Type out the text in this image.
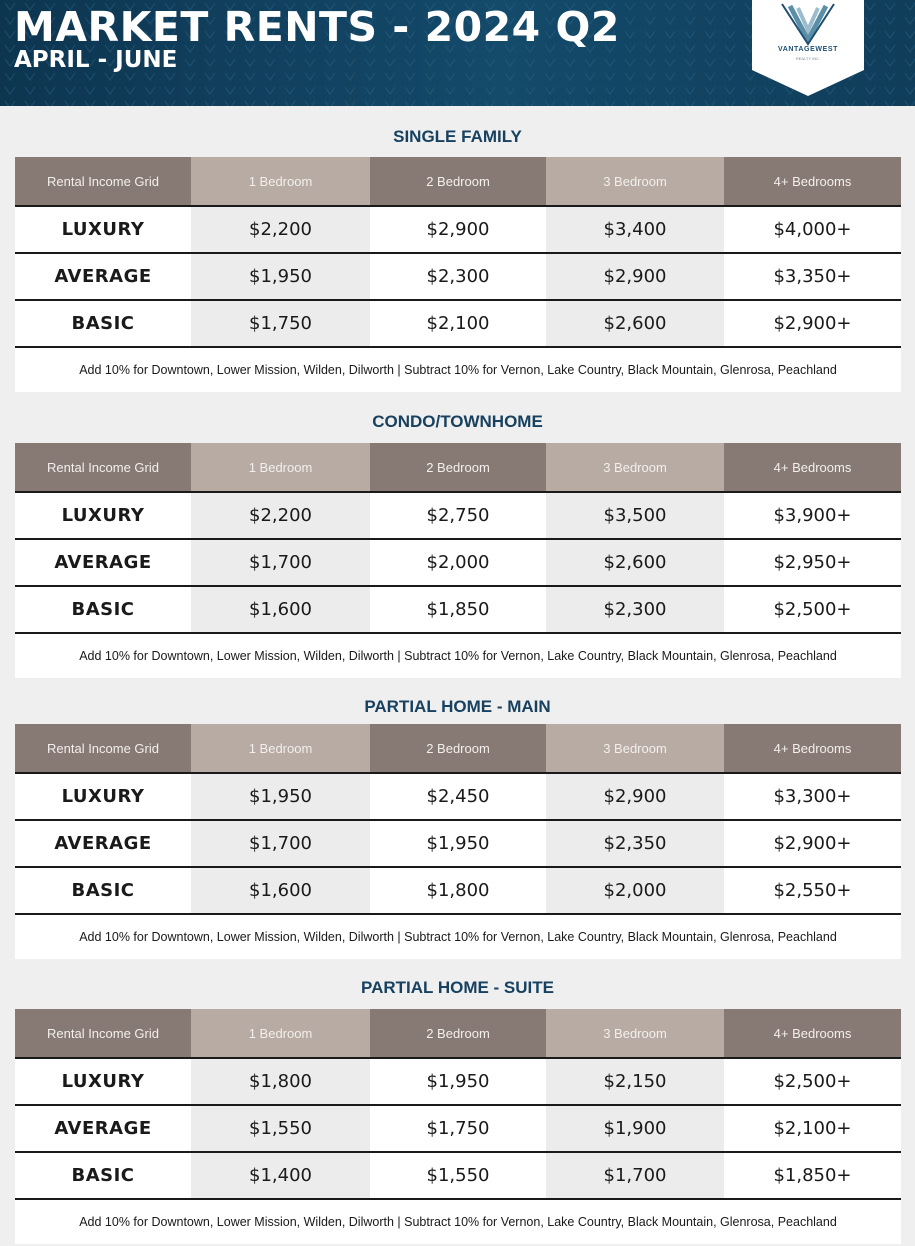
MARKET RENTS - 2024 Q2
APRIL - JUNE	VANTAGEWEST
REALTY INC.
SINGLE FAMILY
Rental Income Grid	1 Bedroom	2 Bedroom	3 Bedroom	4+ Bedrooms
LUXURY	$2,200	$2,900	$3,400	$4,000+
AVERAGE	$1,950	$2,300	$2,900	$3,350+
BASIC	$1,750	$2,100	$2,600	$2,900+
Add 10% for Downtown, Lower Mission, Wilden, Dilworth | Subtract 10% for Vernon, Lake Country, Black Mountain, Glenrosa, Peachland
CONDO/TOWNHOME
Rental Income Grid	1 Bedroom	2 Bedroom	3 Bedroom	4+ Bedrooms
LUXURY	$2,200	$2,750	$3,500	$3,900+
AVERAGE	$1,700	$2,000	$2,600	$2,950+
BASIC	$1,600	$1,850	$2,300	$2,500+
Add 10% for Downtown, Lower Mission, Wilden, Dilworth | Subtract 10% for Vernon, Lake Country, Black Mountain, Glenrosa, Peachland
PARTIAL HOME - MAIN
Rental Income Grid	1 Bedroom	2 Bedroom	3 Bedroom	4+ Bedrooms
LUXURY	$1,950	$2,450	$2,900	$3,300+
AVERAGE	$1,700	$1,950	$2,350	$2,900+
BASIC	$1,600	$1,800	$2,000	$2,550+
Add 10% for Downtown, Lower Mission, Wilden, Dilworth | Subtract 10% for Vernon, Lake Country, Black Mountain, Glenrosa, Peachland
PARTIAL HOME - SUITE
Rental Income Grid	1 Bedroom	2 Bedroom	3 Bedroom	4+ Bedrooms
LUXURY	$1,800	$1,950	$2,150	$2,500+
AVERAGE	$1,550	$1,750	$1,900	$2,100+
BASIC	$1,400	$1,550	$1,700	$1,850+
Add 10% for Downtown, Lower Mission, Wilden, Dilworth | Subtract 10% for Vernon, Lake Country, Black Mountain, Glenrosa, Peachland
